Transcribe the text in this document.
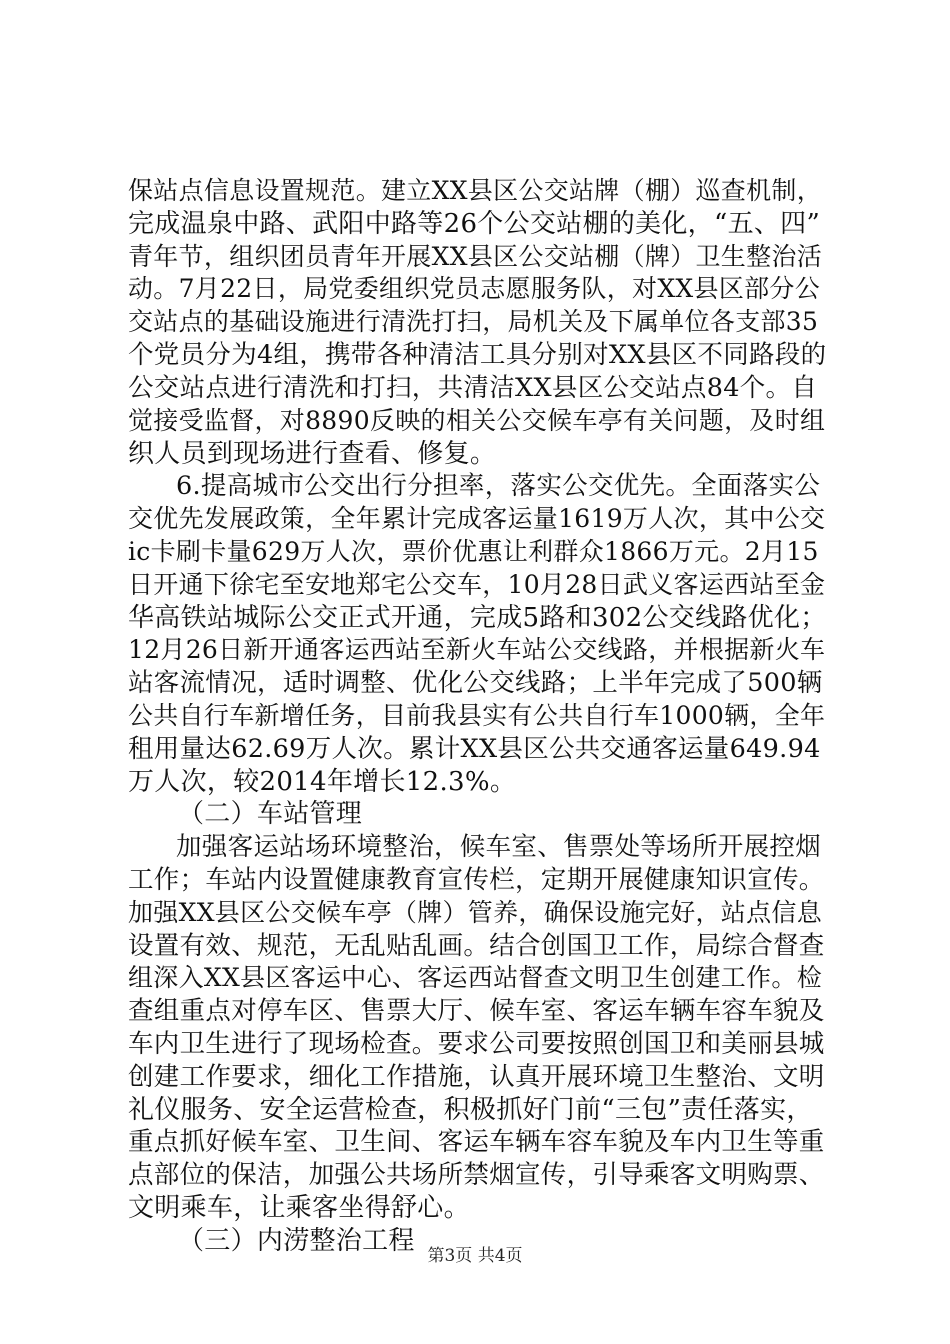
保站点信息设置规范。建立XX县区公交站牌（棚）巡查机制，
完成温泉中路、武阳中路等26个公交站棚的美化，“五、四”
青年节，组织团员青年开展XX县区公交站棚（牌）卫生整治活
动。7月22日，局党委组织党员志愿服务队，对XX县区部分公
交站点的基础设施进行清洗打扫，局机关及下属单位各支部35
个党员分为4组，携带各种清洁工具分别对XX县区不同路段的
公交站点进行清洗和打扫，共清洁XX县区公交站点84个。自
觉接受监督，对8890反映的相关公交候车亭有关问题，及时组
织人员到现场进行查看、修复。
6.提高城市公交出行分担率，落实公交优先。全面落实公
交优先发展政策，全年累计完成客运量1619万人次，其中公交
ic卡刷卡量629万人次，票价优惠让利群众1866万元。2月15
日开通下徐宅至安地郑宅公交车，10月28日武义客运西站至金
华高铁站城际公交正式开通，完成5路和302公交线路优化；
12月26日新开通客运西站至新火车站公交线路，并根据新火车
站客流情况，适时调整、优化公交线路；上半年完成了500辆
公共自行车新增任务，目前我县实有公共自行车1000辆，全年
租用量达62.69万人次。累计XX县区公共交通客运量649.94
万人次，较2014年增长12.3%。
（二）车站管理
加强客运站场环境整治，候车室、售票处等场所开展控烟
工作；车站内设置健康教育宣传栏，定期开展健康知识宣传。
加强XX县区公交候车亭（牌）管养，确保设施完好，站点信息
设置有效、规范，无乱贴乱画。结合创国卫工作，局综合督查
组深入XX县区客运中心、客运西站督查文明卫生创建工作。检
查组重点对停车区、售票大厅、候车室、客运车辆车容车貌及
车内卫生进行了现场检查。要求公司要按照创国卫和美丽县城
创建工作要求，细化工作措施，认真开展环境卫生整治、文明
礼仪服务、安全运营检查，积极抓好门前“三包”责任落实，
重点抓好候车室、卫生间、客运车辆车容车貌及车内卫生等重
点部位的保洁，加强公共场所禁烟宣传，引导乘客文明购票、
文明乘车，让乘客坐得舒心。
（三）内涝整治工程 第3页 共4页
